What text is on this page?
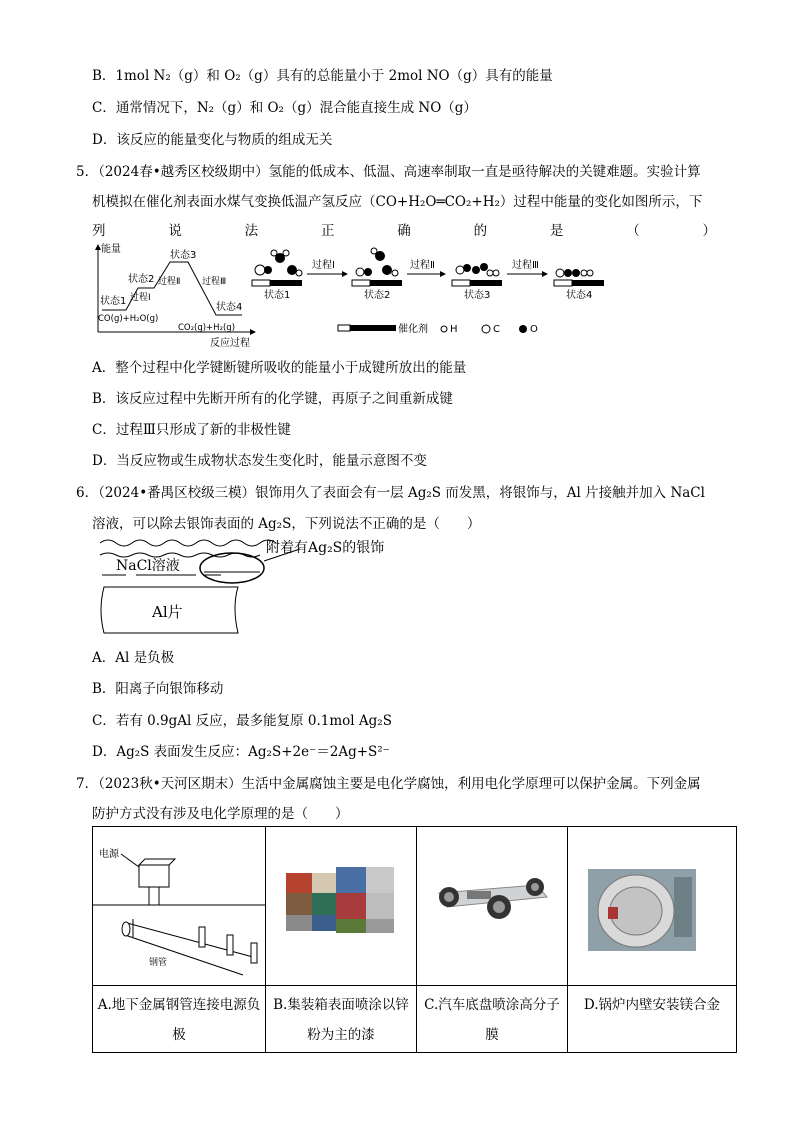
B．1mol N₂（g）和 O₂（g）具有的总能量小于 2mol NO（g）具有的能量
C．通常情况下，N₂（g）和 O₂（g）混合能直接生成 NO（g）
D．该反应的能量变化与物质的组成无关
5．（2024春•越秀区校级期中）氢能的低成本、低温、高速率制取一直是亟待解决的关键难题。实验计算
机模拟在催化剂表面水煤气变换低温产氢反应（CO+H₂O═CO₂+H₂）过程中能量的变化如图所示，下
列	说	法	正	确	的	是	（	）
能量
反应过程
状态1
CO(g)+H₂O(g)
过程Ⅰ
状态2 过程Ⅱ
状态3
过程Ⅲ
状态4
CO₂(g)+H₂(g)
状态1
过程Ⅰ
状态2
过程Ⅱ
状态3
过程Ⅲ
状态4
催化剂 H	C	O
A．整个过程中化学键断键所吸收的能量小于成键所放出的能量
B．该反应过程中先断开所有的化学键，再原子之间重新成键
C．过程Ⅲ只形成了新的非极性键
D．当反应物或生成物状态发生变化时，能量示意图不变
6．（2024•番禺区校级三模）银饰用久了表面会有一层 Ag₂S 而发黑，将银饰与，Al 片接触并加入 NaCl
溶液，可以除去银饰表面的 Ag₂S，下列说法不正确的是（　　）
NaCl溶液
附着有Ag₂S的银饰
Al片
A．Al 是负极
B．阳离子向银饰移动
C．若有 0.9gAl 反应，最多能复原 0.1mol Ag₂S
D．Ag₂S 表面发生反应：Ag₂S+2e⁻＝2Ag+S²⁻
7．（2023秋•天河区期末）生活中金属腐蚀主要是电化学腐蚀，利用电化学原理可以保护金属。下列金属
防护方式没有涉及电化学原理的是（　　）
电源
钢管

A.地下金属钢管连接电源负极	B.集装箱表面喷涂以锌粉为主的漆	C.汽车底盘喷涂高分子膜	D.锅炉内壁安装镁合金
